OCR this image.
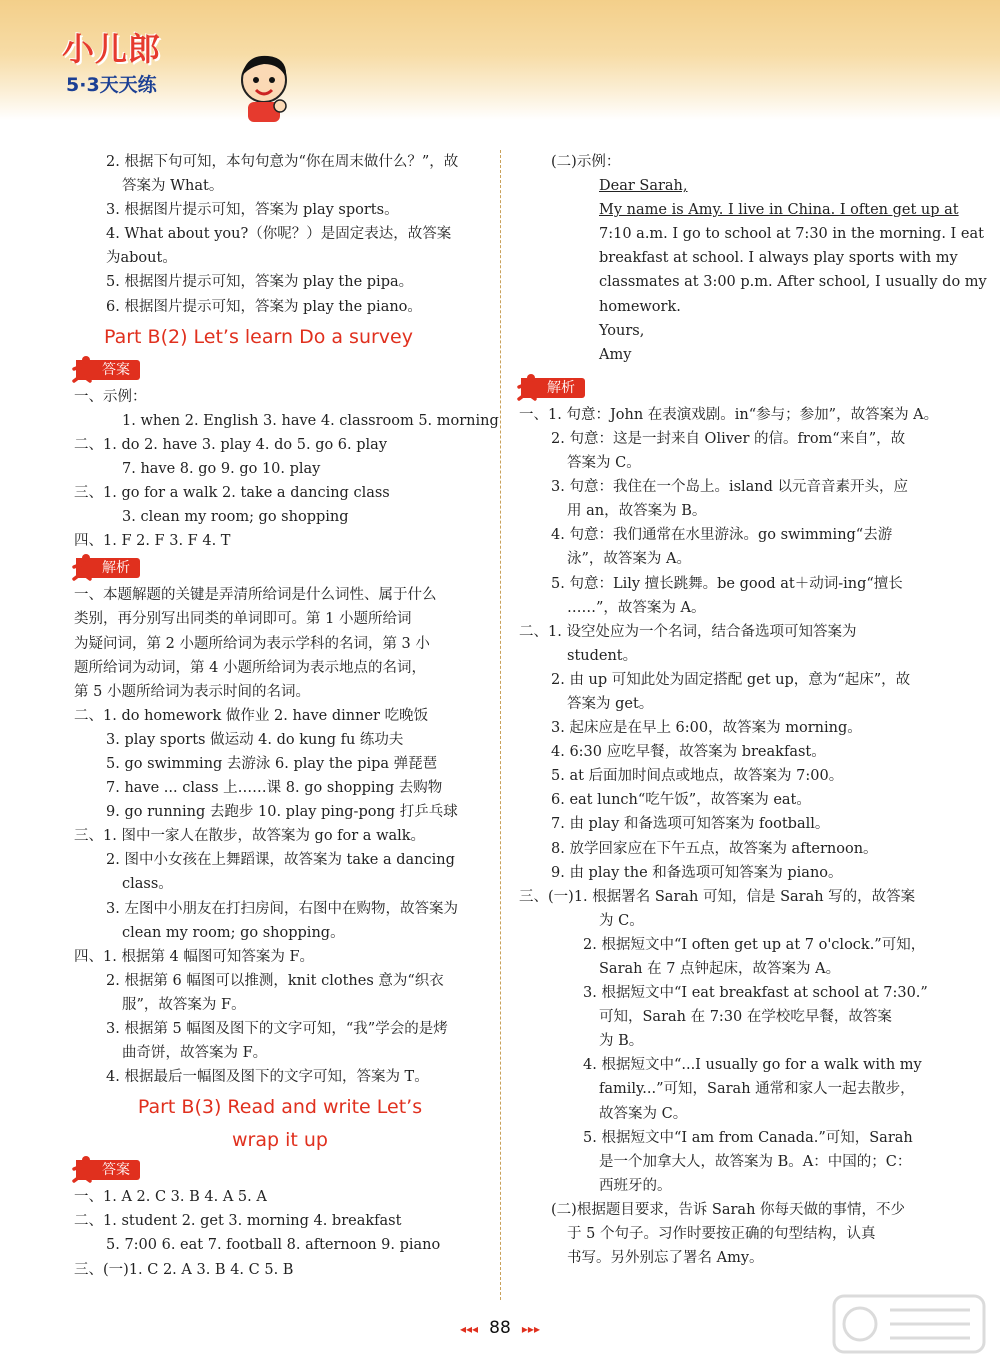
小儿郎
5·3天天练
2. 根据下句可知，本句句意为“你在周末做什么？”，故
答案为 What。
3. 根据图片提示可知，答案为 play sports。
4. What about you?（你呢？）是固定表达，故答案
为about。
5. 根据图片提示可知，答案为 play the pipa。
6. 根据图片提示可知，答案为 play the piano。
Part B(2) Let’s learn Do a survey
答案
一、示例：
1. when 2. English 3. have 4. classroom 5. morning
二、1. do 2. have 3. play 4. do 5. go 6. play
7. have 8. go 9. go 10. play
三、1. go for a walk 2. take a dancing class
3. clean my room; go shopping
四、1. F 2. F 3. F 4. T
解析
一、本题解题的关键是弄清所给词是什么词性、属于什么
类别，再分别写出同类的单词即可。第 1 小题所给词
为疑问词，第 2 小题所给词为表示学科的名词，第 3 小
题所给词为动词，第 4 小题所给词为表示地点的名词，
第 5 小题所给词为表示时间的名词。
二、1. do homework 做作业 2. have dinner 吃晚饭
3. play sports 做运动 4. do kung fu 练功夫
5. go swimming 去游泳 6. play the pipa 弹琵琶
7. have ... class 上……课 8. go shopping 去购物
9. go running 去跑步 10. play ping-pong 打乒乓球
三、1. 图中一家人在散步，故答案为 go for a walk。
2. 图中小女孩在上舞蹈课，故答案为 take a dancing
class。
3. 左图中小朋友在打扫房间，右图中在购物，故答案为
clean my room; go shopping。
四、1. 根据第 4 幅图可知答案为 F。
2. 根据第 6 幅图可以推测，knit clothes 意为“织衣
服”，故答案为 F。
3. 根据第 5 幅图及图下的文字可知，“我”学会的是烤
曲奇饼，故答案为 F。
4. 根据最后一幅图及图下的文字可知，答案为 T。
Part B(3) Read and write Let’s
wrap it up
答案
一、1. A 2. C 3. B 4. A 5. A
二、1. student 2. get 3. morning 4. breakfast
5. 7:00 6. eat 7. football 8. afternoon 9. piano
三、(一)1. C 2. A 3. B 4. C 5. B
(二)示例：
Dear Sarah,
My name is Amy. I live in China. I often get up at
7:10 a.m. I go to school at 7:30 in the morning. I eat
breakfast at school. I always play sports with my
classmates at 3:00 p.m. After school, I usually do my
homework.
Yours,
Amy
解析
一、1. 句意：John 在表演戏剧。in“参与；参加”，故答案为 A。
2. 句意：这是一封来自 Oliver 的信。from“来自”，故
答案为 C。
3. 句意：我住在一个岛上。island 以元音音素开头，应
用 an，故答案为 B。
4. 句意：我们通常在水里游泳。go swimming“去游
泳”，故答案为 A。
5. 句意：Lily 擅长跳舞。be good at＋动词-ing“擅长
……”，故答案为 A。
二、1. 设空处应为一个名词，结合备选项可知答案为
student。
2. 由 up 可知此处为固定搭配 get up，意为“起床”，故
答案为 get。
3. 起床应是在早上 6:00，故答案为 morning。
4. 6:30 应吃早餐，故答案为 breakfast。
5. at 后面加时间点或地点，故答案为 7:00。
6. eat lunch“吃午饭”，故答案为 eat。
7. 由 play 和备选项可知答案为 football。
8. 放学回家应在下午五点，故答案为 afternoon。
9. 由 play the 和备选项可知答案为 piano。
三、(一)1. 根据署名 Sarah 可知，信是 Sarah 写的，故答案
为 C。
2. 根据短文中“I often get up at 7 o'clock.”可知，
Sarah 在 7 点钟起床，故答案为 A。
3. 根据短文中“I eat breakfast at school at 7:30.”
可知，Sarah 在 7:30 在学校吃早餐，故答案
为 B。
4. 根据短文中“...I usually go for a walk with my
family...”可知，Sarah 通常和家人一起去散步，
故答案为 C。
5. 根据短文中“I am from Canada.”可知，Sarah
是一个加拿大人，故答案为 B。A：中国的；C：
西班牙的。
(二)根据题目要求，告诉 Sarah 你每天做的事情，不少
于 5 个句子。习作时要按正确的句型结构，认真
书写。另外别忘了署名 Amy。
◂◂◂ 88 ▸▸▸
